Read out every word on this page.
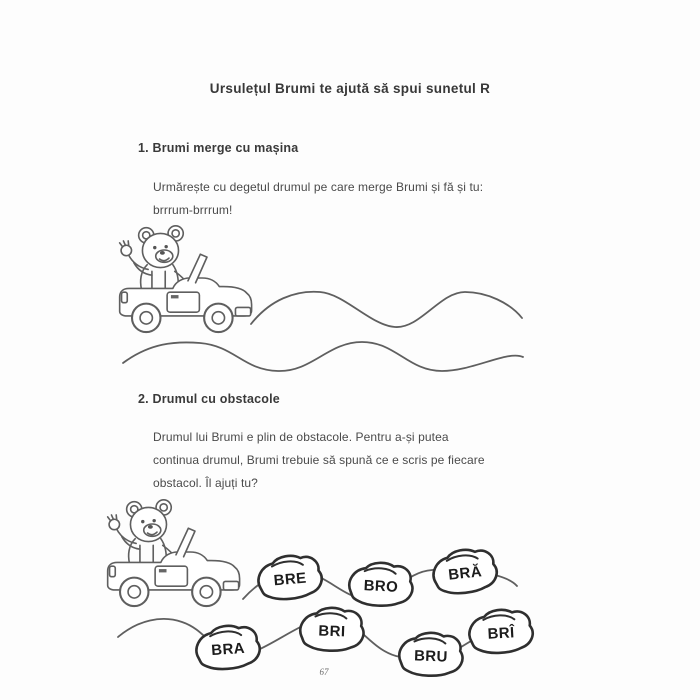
Ursulețul Brumi te ajută să spui sunetul R
1. Brumi merge cu mașina
Urmărește cu degetul drumul pe care merge Brumi și fă și tu:
brrrum-brrrum!
2. Drumul cu obstacole
Drumul lui Brumi e plin de obstacole. Pentru a-și putea
continua drumul, Brumi trebuie să spună ce e scris pe fiecare
obstacol. Îl ajuți tu?
BRE	BRO
BRĂ
BRA
BRI
BRU
BRÎ
67
